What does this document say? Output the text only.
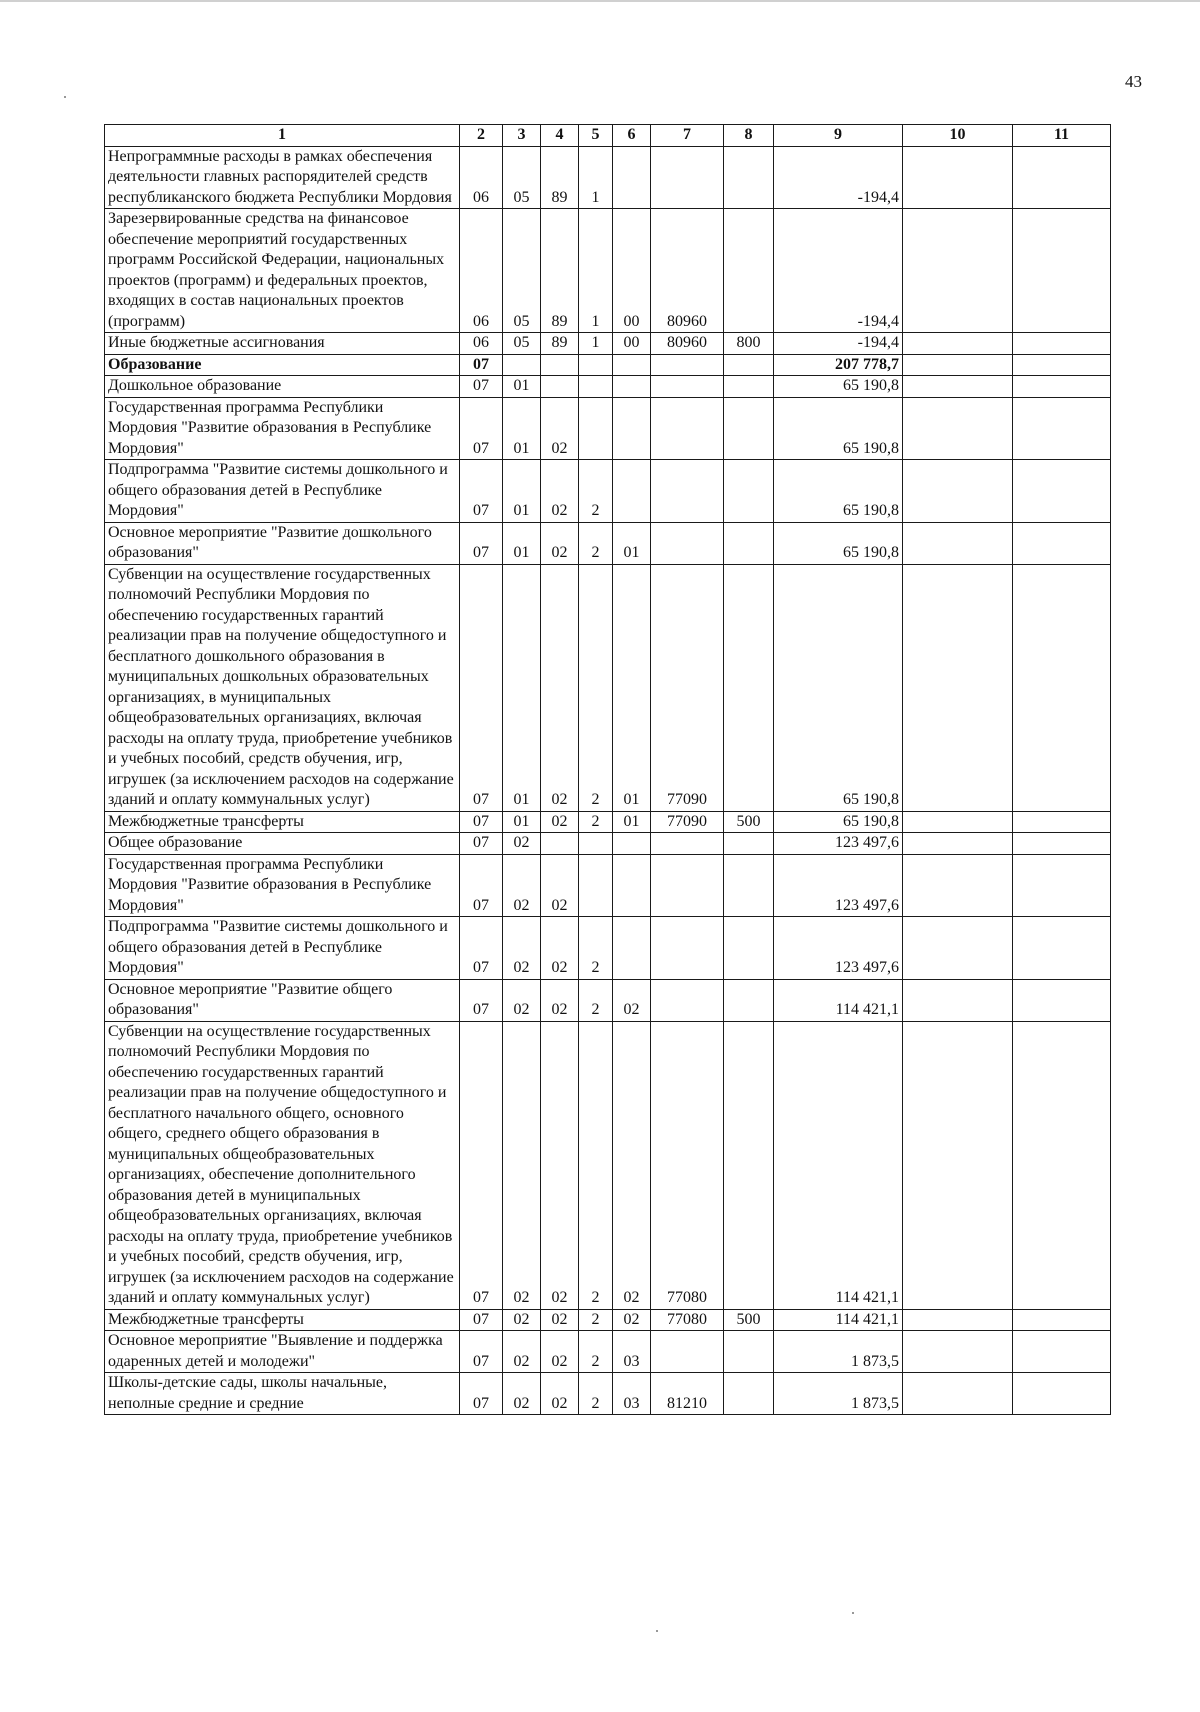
43
1	2	3	4	5	6	7	8	9	10	11
Непрограммные расходы в рамках обеспечения деятельности главных распорядителей средств республиканского бюджета Республики Мордовия	06	05	89	1				-194,4		
Зарезервированные средства на финансовое обеспечение мероприятий государственных программ Российской Федерации, национальных проектов (программ) и федеральных проектов, входящих в состав национальных проектов (программ)	06	05	89	1	00	80960		-194,4		
Иные бюджетные ассигнования	06	05	89	1	00	80960	800	-194,4		
Образование	07							207 778,7		
Дошкольное образование	07	01						65 190,8		
Государственная программа Республики Мордовия "Развитие образования в Республике Мордовия"	07	01	02					65 190,8		
Подпрограмма "Развитие системы дошкольного и общего образования детей в Республике Мордовия"	07	01	02	2				65 190,8		
Основное мероприятие "Развитие дошкольного образования"	07	01	02	2	01			65 190,8		
Субвенции на осуществление государственных полномочий Республики Мордовия по обеспечению государственных гарантий реализации прав на получение общедоступного и бесплатного дошкольного образования в муниципальных дошкольных образовательных организациях, в муниципальных общеобразовательных организациях, включая расходы на оплату труда, приобретение учебников и учебных пособий, средств обучения, игр, игрушек (за исключением расходов на содержание зданий и оплату коммунальных услуг)	07	01	02	2	01	77090		65 190,8		
Межбюджетные трансферты	07	01	02	2	01	77090	500	65 190,8		
Общее образование	07	02						123 497,6		
Государственная программа Республики Мордовия "Развитие образования в Республике Мордовия"	07	02	02					123 497,6		
Подпрограмма "Развитие системы дошкольного и общего образования детей в Республике Мордовия"	07	02	02	2				123 497,6		
Основное мероприятие "Развитие общего образования"	07	02	02	2	02			114 421,1		
Субвенции на осуществление государственных полномочий Республики Мордовия по обеспечению государственных гарантий реализации прав на получение общедоступного и бесплатного начального общего, основного общего, среднего общего образования в муниципальных общеобразовательных организациях, обеспечение дополнительного образования детей в муниципальных общеобразовательных организациях, включая расходы на оплату труда, приобретение учебников и учебных пособий, средств обучения, игр, игрушек (за исключением расходов на содержание зданий и оплату коммунальных услуг)	07	02	02	2	02	77080		114 421,1		
Межбюджетные трансферты	07	02	02	2	02	77080	500	114 421,1		
Основное мероприятие "Выявление и поддержка одаренных детей и молодежи"	07	02	02	2	03			1 873,5		
Школы-детские сады, школы начальные, неполные средние и средние	07	02	02	2	03	81210		1 873,5		
